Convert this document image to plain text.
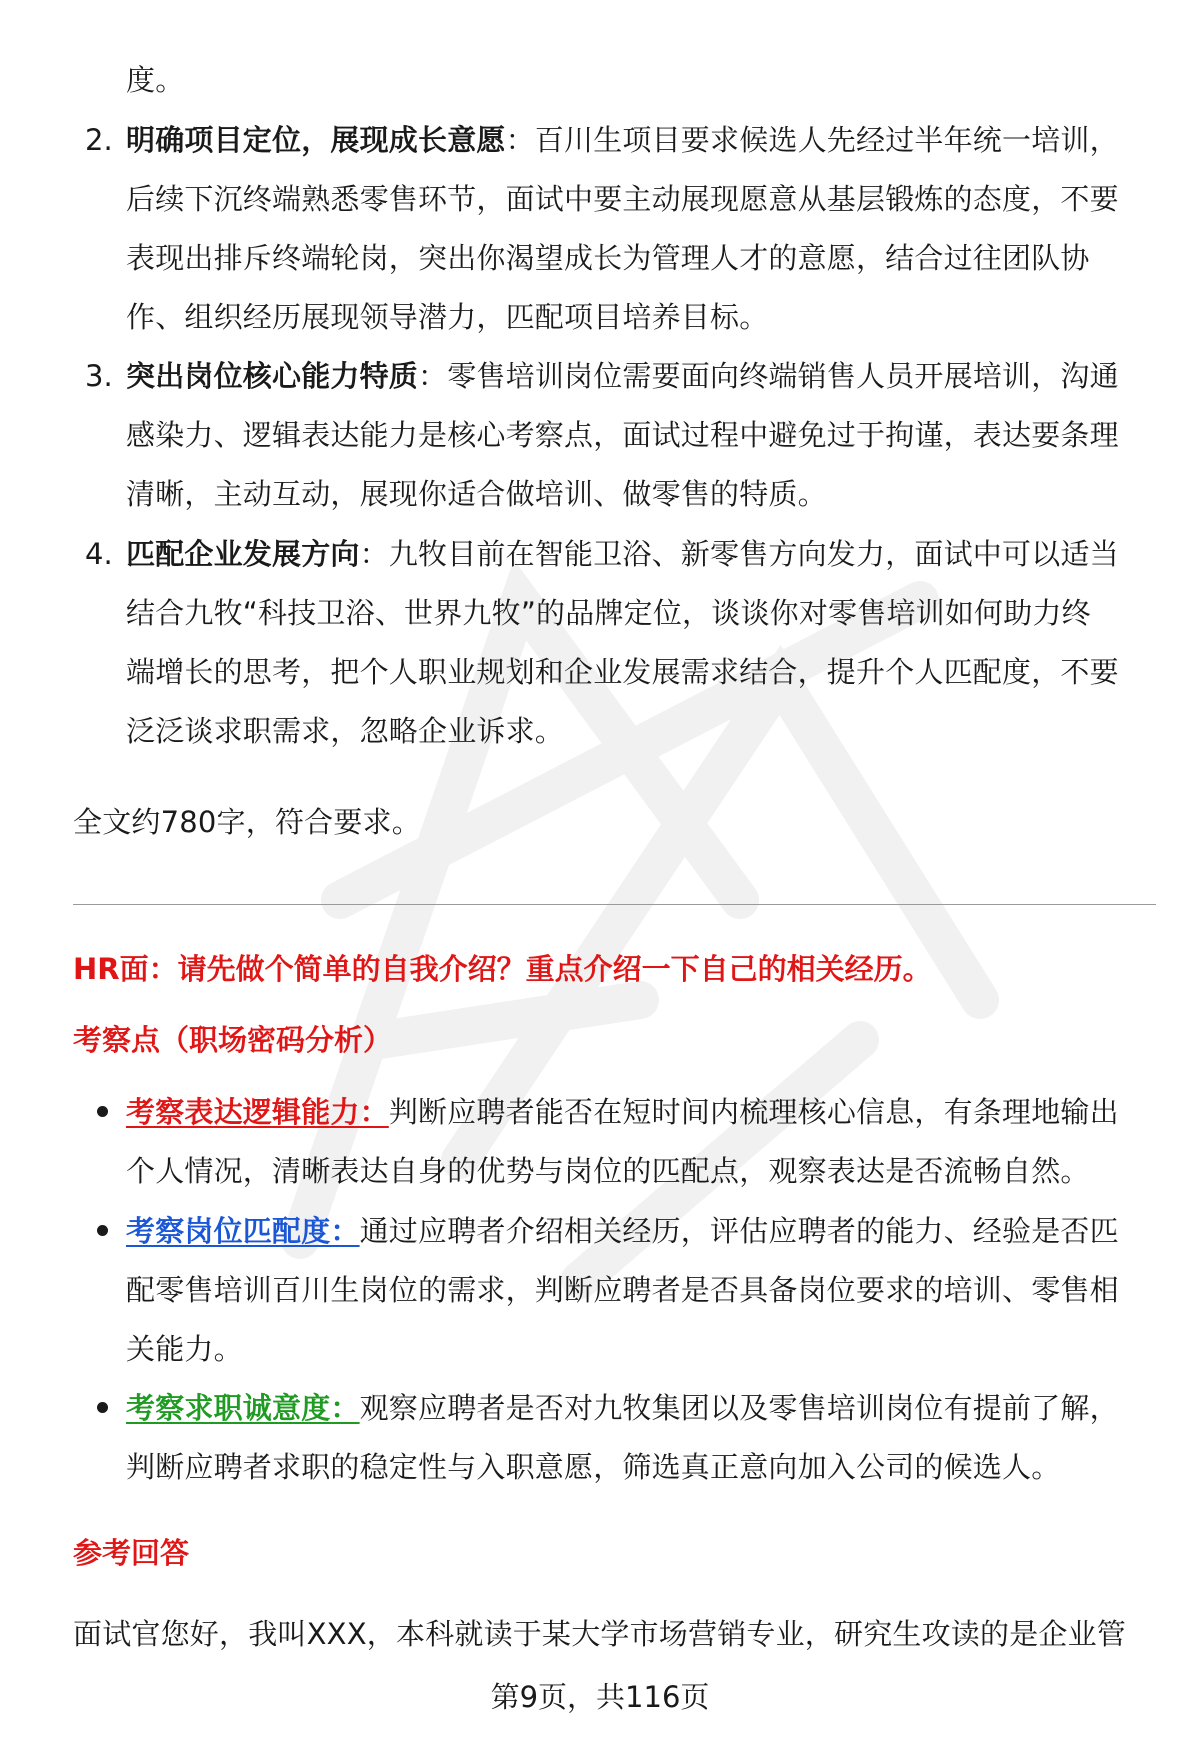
度。
2. 明确项目定位，展现成长意愿：百川生项目要求候选人先经过半年统一培训，
后续下沉终端熟悉零售环节，面试中要主动展现愿意从基层锻炼的态度，不要
表现出排斥终端轮岗，突出你渴望成长为管理人才的意愿，结合过往团队协
作、组织经历展现领导潜力，匹配项目培养目标。
3. 突出岗位核心能力特质：零售培训岗位需要面向终端销售人员开展培训，沟通
感染力、逻辑表达能力是核心考察点，面试过程中避免过于拘谨，表达要条理
清晰，主动互动，展现你适合做培训、做零售的特质。
4. 匹配企业发展方向：九牧目前在智能卫浴、新零售方向发力，面试中可以适当
结合九牧“科技卫浴、世界九牧”的品牌定位，谈谈你对零售培训如何助力终
端增长的思考，把个人职业规划和企业发展需求结合，提升个人匹配度，不要
泛泛谈求职需求，忽略企业诉求。
全文约780字，符合要求。
HR面：请先做个简单的自我介绍？重点介绍一下自己的相关经历。
考察点（职场密码分析）
考察表达逻辑能力：判断应聘者能否在短时间内梳理核心信息，有条理地输出
个人情况，清晰表达自身的优势与岗位的匹配点，观察表达是否流畅自然。
考察岗位匹配度：通过应聘者介绍相关经历，评估应聘者的能力、经验是否匹
配零售培训百川生岗位的需求，判断应聘者是否具备岗位要求的培训、零售相
关能力。
考察求职诚意度：观察应聘者是否对九牧集团以及零售培训岗位有提前了解，
判断应聘者求职的稳定性与入职意愿，筛选真正意向加入公司的候选人。
参考回答
面试官您好，我叫XXX，本科就读于某大学市场营销专业，研究生攻读的是企业管
第9页，共116页
